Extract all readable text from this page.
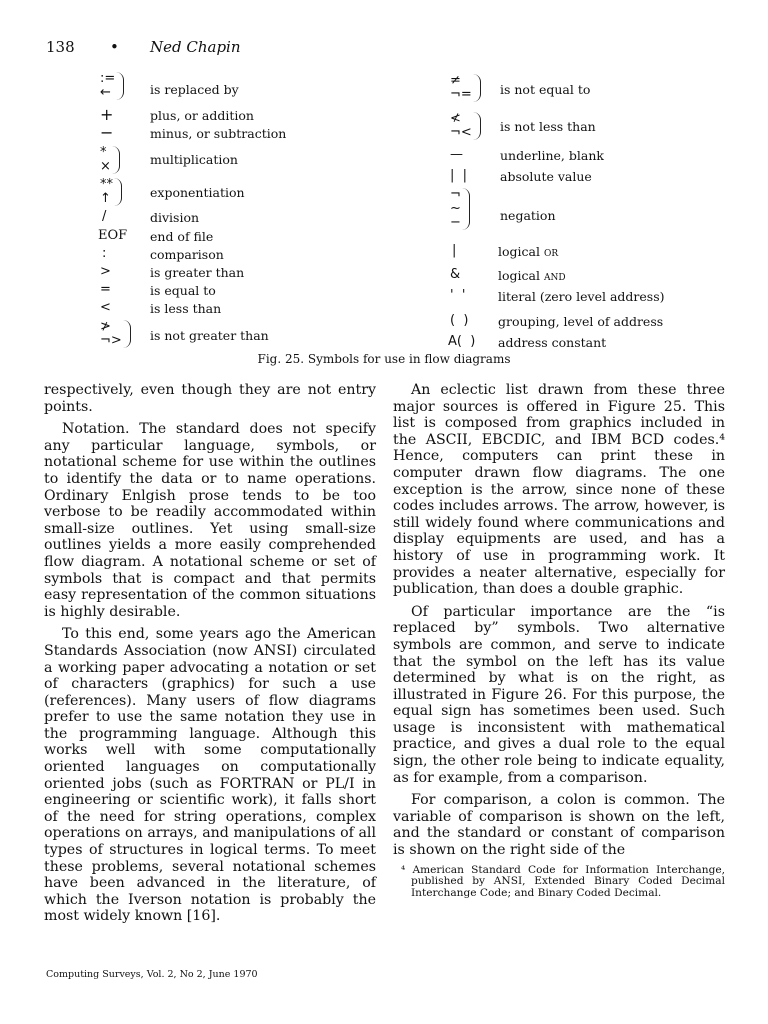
138 • Ned Chapin
:=
←	is replaced by
+	plus, or addition
−	minus, or subtraction
*
×	multiplication
**
↑	exponentiation
/	division
EOF end of file
:	comparison
>	is greater than
=	is equal to
<	is less than
≯
¬>	is not greater than
≠
¬=	is not equal to
≮
¬<	is not less than
—	underline, blank
|  |	absolute value
¬
~
−	negation
|	logical or
&	logical and
'  '	literal (zero level address)
(  ) grouping, level of address
A(  ) address constant
Fig. 25. Symbols for use in flow diagrams

respectively, even though they are not entry points.

Notation. The standard does not specify any particular language, symbols, or notational scheme for use within the outlines to identify the data or to name operations. Ordinary Enlgish prose tends to be too verbose to be readily accommodated within small-size outlines. Yet using small-size outlines yields a more easily comprehended flow diagram. A notational scheme or set of symbols that is compact and that permits easy representation of the common situations is highly desirable.

To this end, some years ago the American Standards Association (now ANSI) circulated a working paper advocating a notation or set of characters (graphics) for such a use (references). Many users of flow diagrams prefer to use the same notation they use in the programming language. Although this works well with some computationally oriented languages on computationally oriented jobs (such as FORTRAN or PL/I in engineering or scientific work), it falls short of the need for string operations, complex operations on arrays, and manipulations of all types of structures in logical terms. To meet these problems, several notational schemes have been advanced in the literature, of which the Iverson notation is probably the most widely known [16].

An eclectic list drawn from these three major sources is offered in Figure 25. This list is composed from graphics included in the ASCII, EBCDIC, and IBM BCD codes.⁴ Hence, computers can print these in computer drawn flow diagrams. The one exception is the arrow, since none of these codes includes arrows. The arrow, however, is still widely found where communications and display equipments are used, and has a history of use in programming work. It provides a neater alternative, especially for publication, than does a double graphic.

Of particular importance are the “is replaced by” symbols. Two alternative symbols are common, and serve to indicate that the symbol on the left has its value determined by what is on the right, as illustrated in Figure 26. For this purpose, the equal sign has sometimes been used. Such usage is inconsistent with mathematical practice, and gives a dual role to the equal sign, the other role being to indicate equality, as for example, from a comparison.

For comparison, a colon is common. The variable of comparison is shown on the left, and the standard or constant of comparison is shown on the right side of the

⁴ American Standard Code for Information Interchange, published by ANSI, Extended Binary Coded Decimal Interchange Code; and Binary Coded Decimal.
Computing Surveys, Vol. 2, No 2, June 1970
